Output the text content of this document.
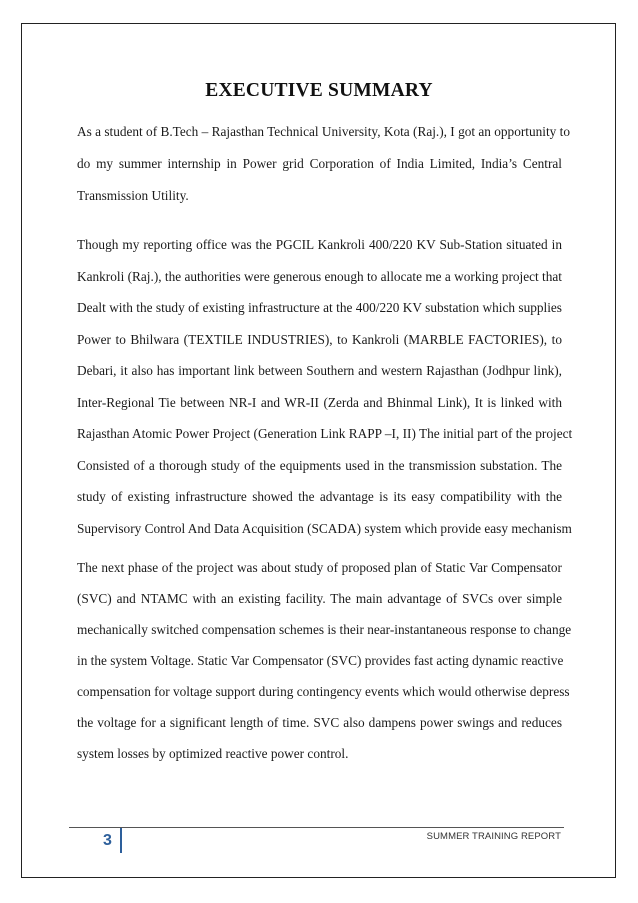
EXECUTIVE SUMMARY
As a student of B.Tech – Rajasthan Technical University, Kota (Raj.), I got an opportunity to
do my summer internship in Power grid Corporation of India Limited, India’s Central
Transmission Utility.
Though my reporting office was the PGCIL Kankroli 400/220 KV Sub-Station situated in
Kankroli (Raj.), the authorities were generous enough to allocate me a working project that
Dealt with the study of existing infrastructure at the 400/220 KV substation which supplies
Power to Bhilwara (TEXTILE INDUSTRIES), to Kankroli (MARBLE FACTORIES), to
Debari, it also has important link between Southern and western Rajasthan (Jodhpur link),
Inter-Regional Tie between NR-I and WR-II (Zerda and Bhinmal Link), It is linked with
Rajasthan Atomic Power Project (Generation Link RAPP –I, II) The initial part of the project
Consisted of a thorough study of the equipments used in the transmission substation. The
study of existing infrastructure showed the advantage is its easy compatibility with the
Supervisory Control And Data Acquisition (SCADA) system which provide easy mechanism
The next phase of the project was about study of proposed plan of Static Var Compensator
(SVC) and NTAMC with an existing facility. The main advantage of SVCs over simple
mechanically switched compensation schemes is their near-instantaneous response to change
in the system Voltage. Static Var Compensator (SVC) provides fast acting dynamic reactive
compensation for voltage support during contingency events which would otherwise depress
the voltage for a significant length of time. SVC also dampens power swings and reduces
system losses by optimized reactive power control.
3	SUMMER TRAINING REPORT
